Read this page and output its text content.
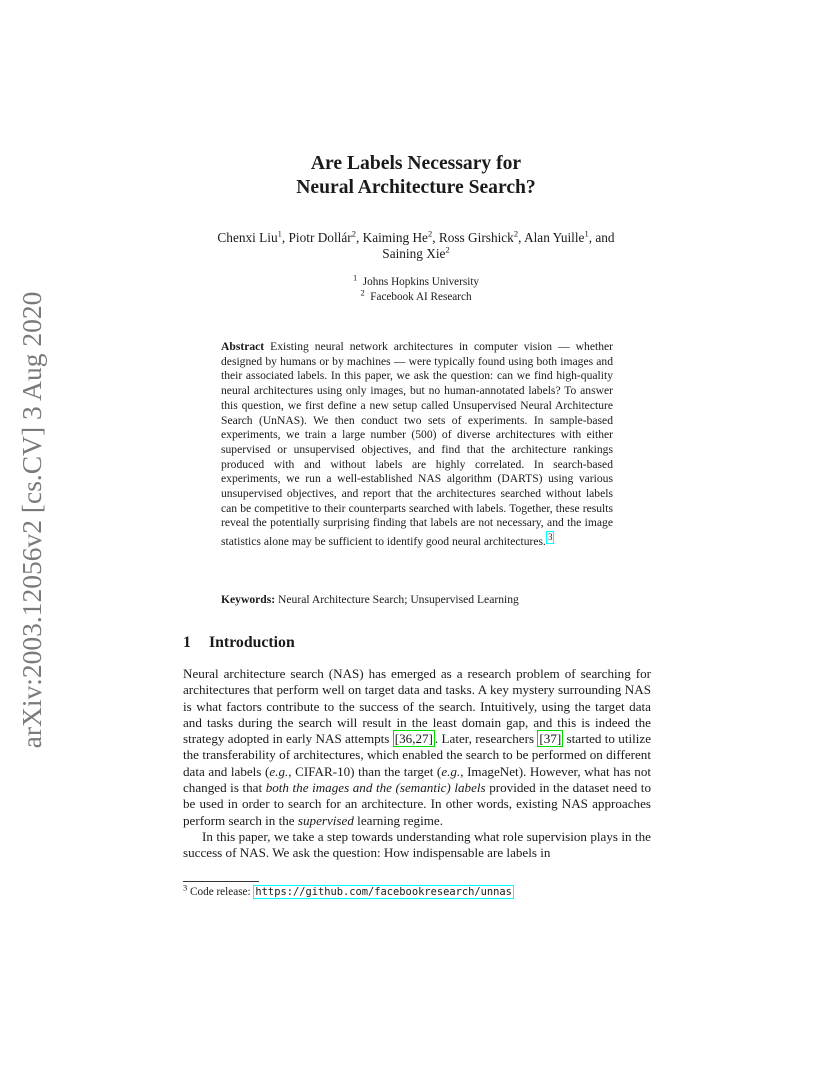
arXiv:2003.12056v2 [cs.CV] 3 Aug 2020
Are Labels Necessary for
Neural Architecture Search?
Chenxi Liu$^1$, Piotr Dollár$^2$, Kaiming He$^2$, Ross Girshick$^2$, Alan Yuille$^1$, and
Saining Xie$^2$
$^1$ Johns Hopkins University
$^2$ Facebook AI Research
Abstract Existing neural network architectures in computer vision — whether designed by humans or by machines — were typically found using both images and their associated labels. In this paper, we ask the question: can we find high-quality neural architectures using only images, but no human-annotated labels? To answer this question, we first define a new setup called Unsupervised Neural Architecture Search (UnNAS). We then conduct two sets of experiments. In sample-based experiments, we train a large number (500) of diverse architectures with either supervised or unsupervised objectives, and find that the architecture rankings produced with and without labels are highly correlated. In search-based experiments, we run a well-established NAS algorithm (DARTS) using various unsupervised objectives, and report that the architectures searched without labels can be competitive to their counterparts searched with labels. Together, these results reveal the potentially surprising finding that labels are not necessary, and the image statistics alone may be sufficient to identify good neural architectures. 3
Keywords: Neural Architecture Search; Unsupervised Learning
1 Introduction

Neural architecture search (NAS) has emerged as a research problem of searching for architectures that perform well on target data and tasks. A key mystery surrounding NAS is what factors contribute to the success of the search. Intuitively, using the target data and tasks during the search will result in the least domain gap, and this is indeed the strategy adopted in early NAS attempts [36,27] . Later, researchers [37] started to utilize the transferability of architectures, which enabled the search to be performed on different data and labels (e.g., CIFAR-10) than the target (e.g., ImageNet). However, what has not changed is that both the images and the (semantic) labels provided in the dataset need to be used in order to search for an architecture. In other words, existing NAS approaches perform search in the supervised learning regime.

In this paper, we take a step towards understanding what role supervision plays in the success of NAS. We ask the question: How indispensable are labels in

$^3$ Code release: https://github.com/facebookresearch/unnas
